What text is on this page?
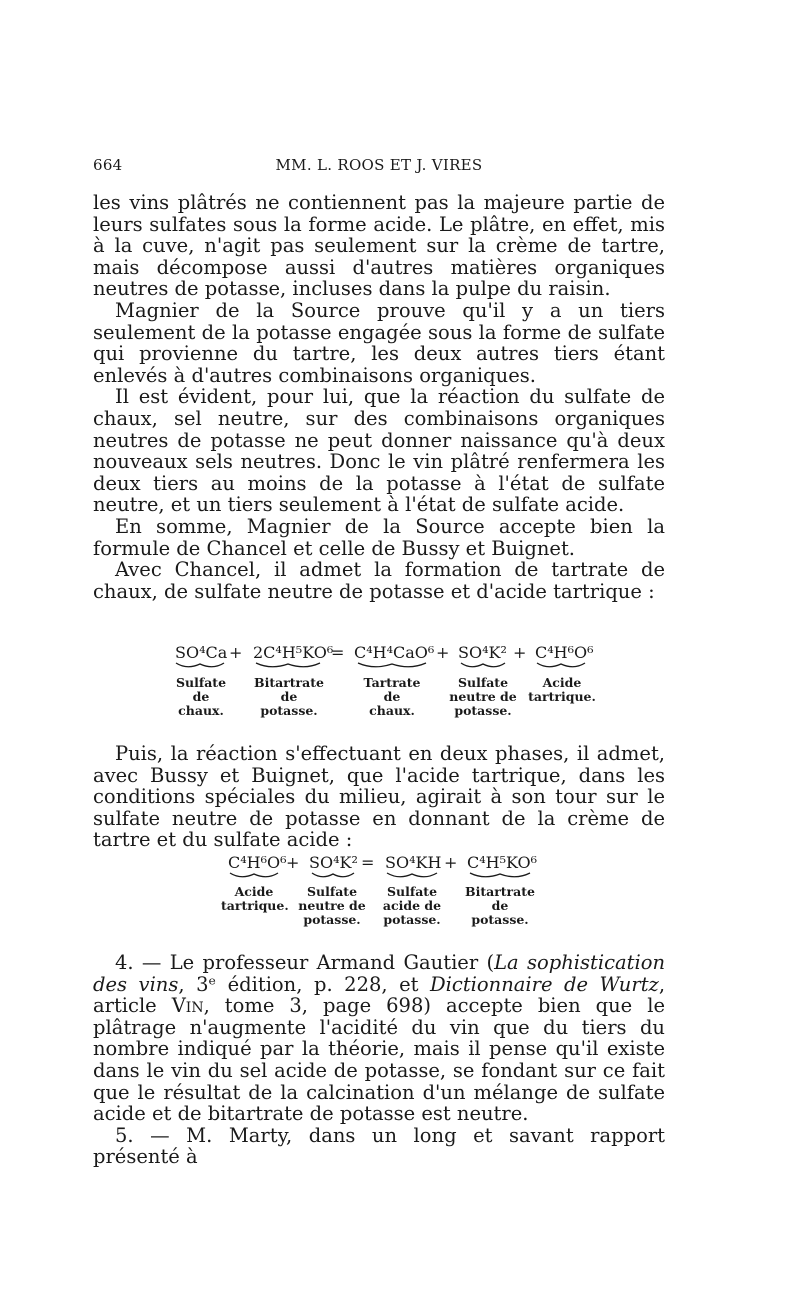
664	MM. L. ROOS ET J. VIRES

les vins plâtrés ne contiennent pas la majeure partie de leurs sulfates sous la forme acide. Le plâtre, en effet, mis à la cuve, n'agit pas seulement sur la crème de tartre, mais décompose aussi d'autres matières organiques neutres de potasse, incluses dans la pulpe du raisin.

Magnier de la Source prouve qu'il y a un tiers seulement de la potasse engagée sous la forme de sulfate qui provienne du tartre, les deux autres tiers étant enlevés à d'autres combinaisons organiques.

Il est évident, pour lui, que la réaction du sulfate de chaux, sel neutre, sur des combinaisons organiques neutres de potasse ne peut donner naissance qu'à deux nouveaux sels neutres. Donc le vin plâtré renfermera les deux tiers au moins de la potasse à l'état de sulfate neutre, et un tiers seulement à l'état de sulfate acide.

En somme, Magnier de la Source accepte bien la formule de Chancel et celle de Bussy et Buignet.

Avec Chancel, il admet la formation de tartrate de chaux, de sulfate neutre de potasse et d'acide tartrique :

SO⁴Ca + 2C⁴H⁵KO⁶
= C⁴H⁴CaO⁶ + SO⁴K² + C⁴H⁶O⁶
Sulfate
de
chaux.
Bitartrate
de
potasse.
Tartrate
de
chaux.
Sulfate
neutre de
potasse.
Acide
tartrique.

Puis, la réaction s'effectuant en deux phases, il admet, avec Bussy et Buignet, que l'acide tartrique, dans les conditions spéciales du milieu, agirait à son tour sur le sulfate neutre de potasse en donnant de la crème de tartre et du sulfate acide :

C⁴H⁶O⁶ + SO⁴K² = SO⁴KH + C⁴H⁵KO⁶
Acide
tartrique.
Sulfate
neutre de
potasse.
Sulfate
acide de
potasse.
Bitartrate
de
potasse.

4. — Le professeur Armand Gautier (La sophistication des vins, 3ᵉ édition, p. 228, et Dictionnaire de Wurtz, article Vin, tome 3, page 698) accepte bien que le plâtrage n'augmente l'acidité du vin que du tiers du nombre indiqué par la théorie, mais il pense qu'il existe dans le vin du sel acide de potasse, se fondant sur ce fait que le résultat de la calcination d'un mélange de sulfate acide et de bitartrate de potasse est neutre.

5. — M. Marty, dans un long et savant rapport présenté à
